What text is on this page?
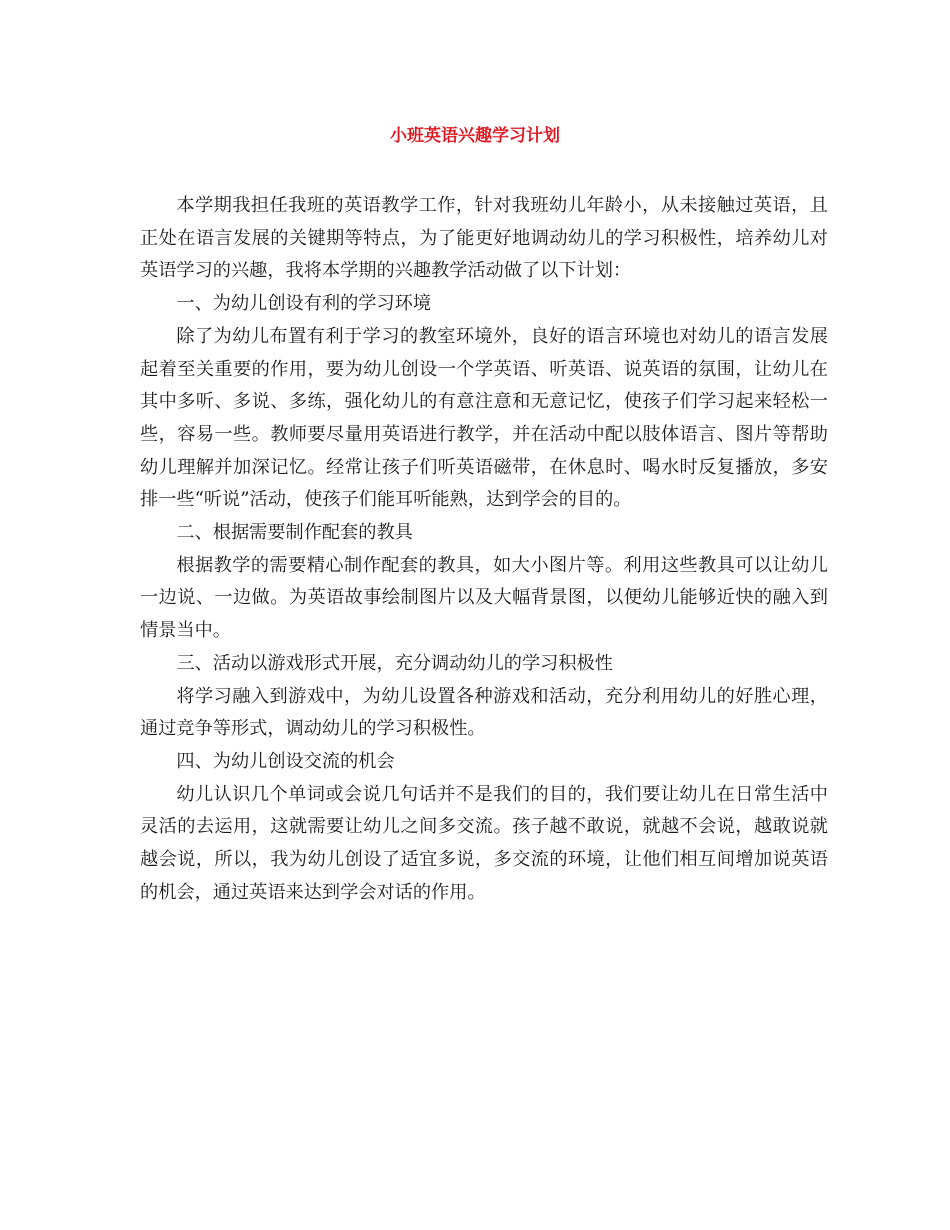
小班英语兴趣学习计划

本学期我担任我班的英语教学工作，针对我班幼儿年龄小，从未接触过英语，且正处在语言发展的关键期等特点，为了能更好地调动幼儿的学习积极性，培养幼儿对英语学习的兴趣，我将本学期的兴趣教学活动做了以下计划：

一、为幼儿创设有利的学习环境

除了为幼儿布置有利于学习的教室环境外，良好的语言环境也对幼儿的语言发展起着至关重要的作用，要为幼儿创设一个学英语、听英语、说英语的氛围，让幼儿在其中多听、多说、多练，强化幼儿的有意注意和无意记忆，使孩子们学习起来轻松一些，容易一些。教师要尽量用英语进行教学，并在活动中配以肢体语言、图片等帮助幼儿理解并加深记忆。经常让孩子们听英语磁带，在休息时、喝水时反复播放，多安排一些“听说”活动，使孩子们能耳听能熟，达到学会的目的。

二、根据需要制作配套的教具

根据教学的需要精心制作配套的教具，如大小图片等。利用这些教具可以让幼儿一边说、一边做。为英语故事绘制图片以及大幅背景图，以便幼儿能够近快的融入到情景当中。

三、活动以游戏形式开展，充分调动幼儿的学习积极性

将学习融入到游戏中，为幼儿设置各种游戏和活动，充分利用幼儿的好胜心理，通过竞争等形式，调动幼儿的学习积极性。

四、为幼儿创设交流的机会

幼儿认识几个单词或会说几句话并不是我们的目的，我们要让幼儿在日常生活中灵活的去运用，这就需要让幼儿之间多交流。孩子越不敢说，就越不会说，越敢说就越会说，所以，我为幼儿创设了适宜多说，多交流的环境，让他们相互间增加说英语的机会，通过英语来达到学会对话的作用。
